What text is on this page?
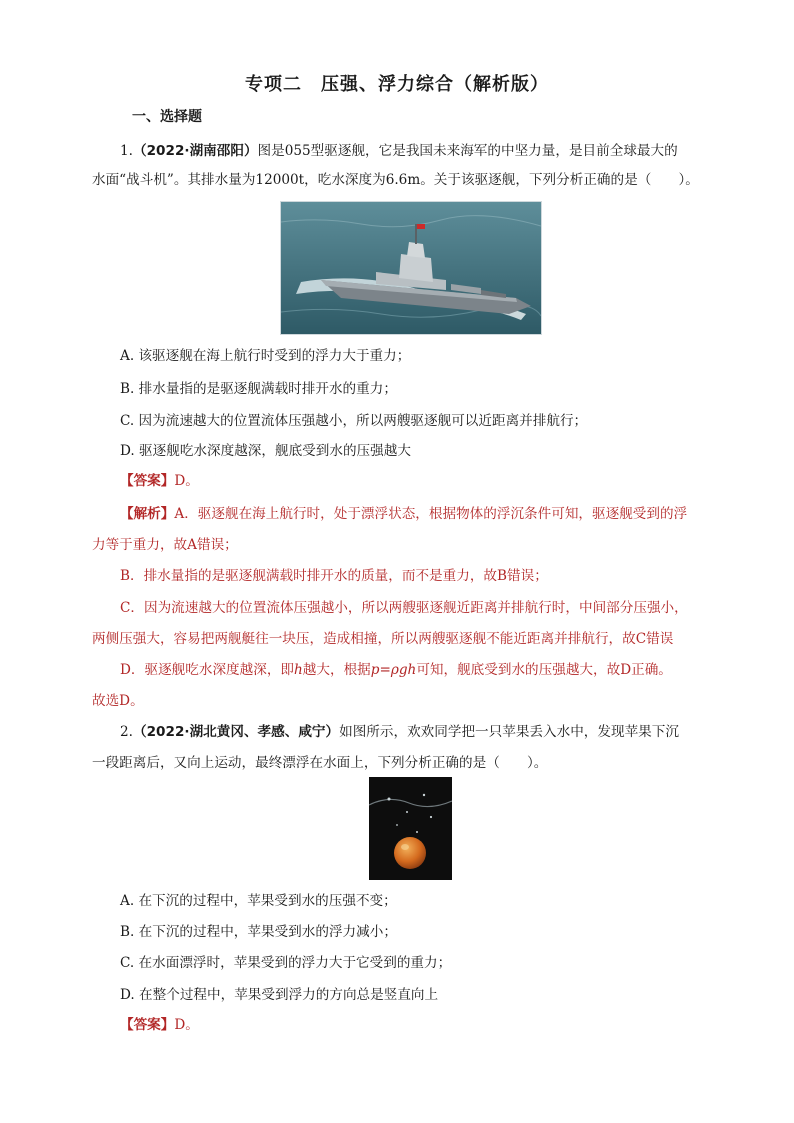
专项二　压强、浮力综合（解析版）
一、选择题
1.（2022·湖南邵阳）图是055型驱逐舰，它是我国未来海军的中坚力量，是目前全球最大的
水面“战斗机”。其排水量为12000t，吃水深度为6.6m。关于该驱逐舰，下列分析正确的是（　　）。
A. 该驱逐舰在海上航行时受到的浮力大于重力；
B. 排水量指的是驱逐舰满载时排开水的重力；
C. 因为流速越大的位置流体压强越小，所以两艘驱逐舰可以近距离并排航行；
D. 驱逐舰吃水深度越深，舰底受到水的压强越大
【答案】D。
【解析】A．驱逐舰在海上航行时，处于漂浮状态，根据物体的浮沉条件可知，驱逐舰受到的浮
力等于重力，故A错误；
B．排水量指的是驱逐舰满载时排开水的质量，而不是重力，故B错误；
C．因为流速越大的位置流体压强越小，所以两艘驱逐舰近距离并排航行时，中间部分压强小，
两侧压强大，容易把两舰艇往一块压，造成相撞，所以两艘驱逐舰不能近距离并排航行，故C错误
D．驱逐舰吃水深度越深，即h越大，根据p=ρgh可知，舰底受到水的压强越大，故D正确。
故选D。
2.（2022·湖北黄冈、孝感、咸宁）如图所示，欢欢同学把一只苹果丢入水中，发现苹果下沉
一段距离后，又向上运动，最终漂浮在水面上，下列分析正确的是（　　）。
A. 在下沉的过程中，苹果受到水的压强不变；
B. 在下沉的过程中，苹果受到水的浮力减小；
C. 在水面漂浮时，苹果受到的浮力大于它受到的重力；
D. 在整个过程中，苹果受到浮力的方向总是竖直向上
【答案】D。
